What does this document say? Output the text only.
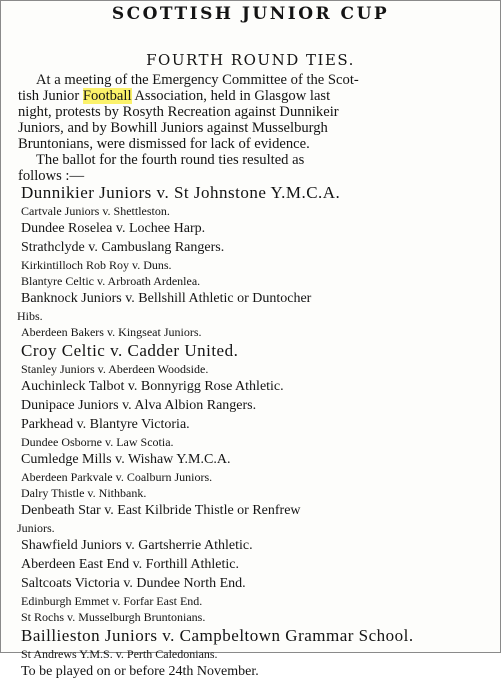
SCOTTISH JUNIOR CUP
FOURTH ROUND TIES.
At a meeting of the Emergency Committee of the Scot-
tish Junior Football Association, held in Glasgow last
night, protests by Rosyth Recreation against Dunnikeir
Juniors, and by Bowhill Juniors against Musselburgh
Bruntonians, were dismissed for lack of evidence.
The ballot for the fourth round ties resulted as
follows :—
Dunnikier Juniors v. St Johnstone Y.M.C.A.
Cartvale Juniors v. Shettleston.
Dundee Roselea v. Lochee Harp.
Strathclyde v. Cambuslang Rangers.
Kirkintilloch Rob Roy v. Duns.
Blantyre Celtic v. Arbroath Ardenlea.
Banknock Juniors v. Bellshill Athletic or Duntocher
Hibs.
Aberdeen Bakers v. Kingseat Juniors.
Croy Celtic v. Cadder United.
Stanley Juniors v. Aberdeen Woodside.
Auchinleck Talbot v. Bonnyrigg Rose Athletic.
Dunipace Juniors v. Alva Albion Rangers.
Parkhead v. Blantyre Victoria.
Dundee Osborne v. Law Scotia.
Cumledge Mills v. Wishaw Y.M.C.A.
Aberdeen Parkvale v. Coalburn Juniors.
Dalry Thistle v. Nithbank.
Denbeath Star v. East Kilbride Thistle or Renfrew
Juniors.
Shawfield Juniors v. Gartsherrie Athletic.
Aberdeen East End v. Forthill Athletic.
Saltcoats Victoria v. Dundee North End.
Edinburgh Emmet v. Forfar East End.
St Rochs v. Musselburgh Bruntonians.
Baillieston Juniors v. Campbeltown Grammar School.
St Andrews Y.M.S. v. Perth Caledonians.
To be played on or before 24th November.
